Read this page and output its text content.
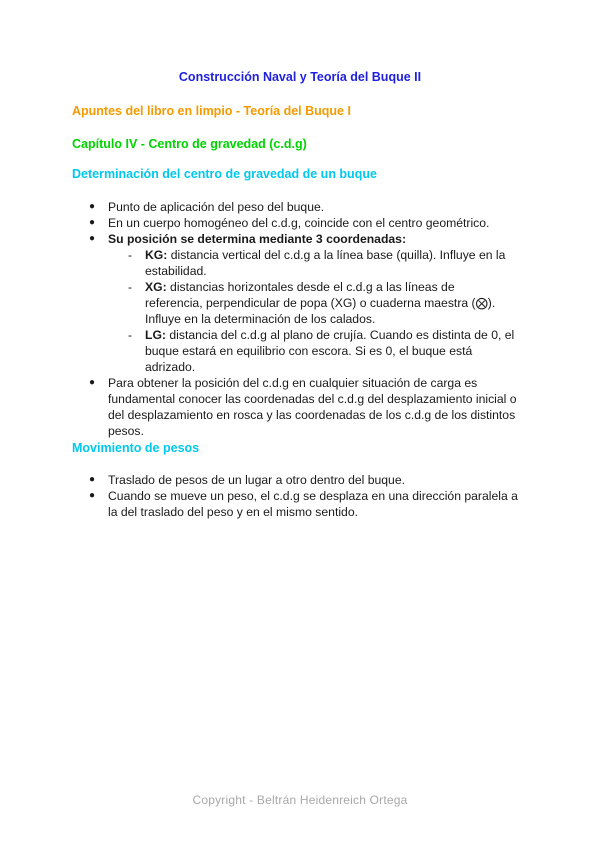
Construcción Naval y Teoría del Buque II
Apuntes del libro en limpio - Teoría del Buque I
Capítulo IV - Centro de gravedad (c.d.g)
Determinación del centro de gravedad de un buque
● Punto de aplicación del peso del buque.
● En un cuerpo homogéneo del c.d.g, coincide con el centro geométrico.
● Su posición se determina mediante 3 coordenadas:
- KG: distancia vertical del c.d.g a la línea base (quilla). Influye en la estabilidad.
- XG: distancias horizontales desde el c.d.g a las líneas de referencia, perpendicular de popa (XG) o cuaderna maestra (⨂). Influye en la determinación de los calados.
- LG: distancia del c.d.g al plano de crujía. Cuando es distinta de 0, el buque estará en equilibrio con escora. Si es 0, el buque está adrizado.
● Para obtener la posición del c.d.g en cualquier situación de carga es fundamental conocer las coordenadas del c.d.g del desplazamiento inicial o del desplazamiento en rosca y las coordenadas de los c.d.g de los distintos pesos.
Movimiento de pesos
● Traslado de pesos de un lugar a otro dentro del buque.
● Cuando se mueve un peso, el c.d.g se desplaza en una dirección paralela a la del traslado del peso y en el mismo sentido.
Copyright - Beltrán Heidenreich Ortega
